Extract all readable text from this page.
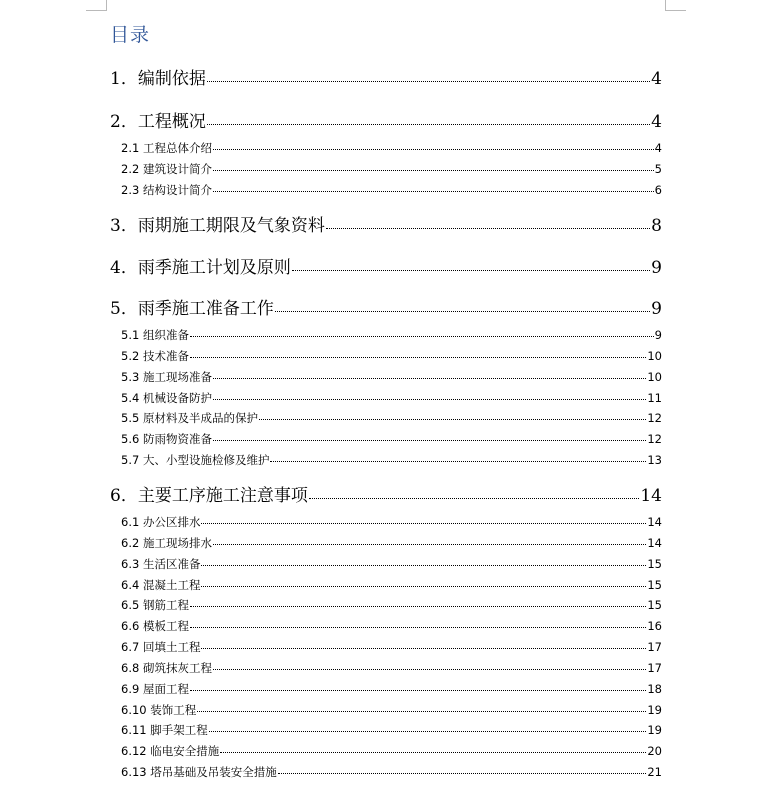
目录
1．编制依据	4
2．工程概况	4
2.1 工程总体介绍	4
2.2 建筑设计简介	5
2.3 结构设计简介	6
3．雨期施工期限及气象资料	8
4．雨季施工计划及原则	9
5．雨季施工准备工作	9
5.1 组织准备	9
5.2 技术准备	10
5.3 施工现场准备	10
5.4 机械设备防护	11
5.5 原材料及半成品的保护	12
5.6 防雨物资准备	12
5.7 大、小型设施检修及维护	13
6．主要工序施工注意事项	14
6.1 办公区排水	14
6.2 施工现场排水	14
6.3 生活区准备	15
6.4 混凝土工程	15
6.5 钢筋工程	15
6.6 模板工程	16
6.7 回填土工程	17
6.8 砌筑抹灰工程	17
6.9 屋面工程	18
6.10 装饰工程	19
6.11 脚手架工程	19
6.12 临电安全措施	20
6.13 塔吊基础及吊装安全措施	21
